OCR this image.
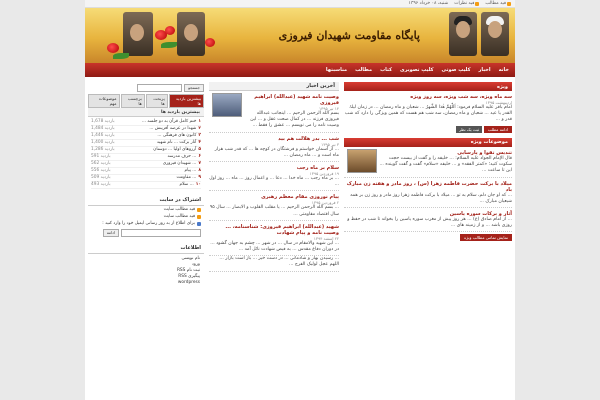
فید مطالب
فید نظرات
شنبه، ۰۸ خرداد ۱۳۹۶
پایگاه مقاومت شهیدان فیروزی
خانه
اخبار
کلیپ صوتی
کلیپ تصویری
کتاب
مطالب
مناسبتها
ویژه

سه ماه ویژه، سه شب ویژه، سه روز ویژه

اردیبهشت ۱۳۹۵

امام باقر علیه السلام فرمود: اَللّٰهُمَّ هٰذا الشَّهرُ ... شعبان و ماه رمضان ... در زمان لیلۃ القدر یا عید ... شعبان و ماه رمضان، سه شب هم هست که همین ویژگی را دارد که شب قدر و ...

ادامه مطلب ثبت یک نظر
موضوعات ویژه

تندیس تقوا و پارسایی

قال الإمام الجواد علیه السلام: ... خلیفه را و گفت از بیست حجت سکوت کنید؛ «کمتر الفقه» و ... خلیفه «سلام» گفت و گفت گوینده ... این تا ساعت ...

میلاد با برکت حضرت فاطمه زهرا (س) ، روز مادر و هفته زن مبارک باد

... که او جان دلم، سلام به تو ... میلاد با برکت فاطمه زهرا روز مادر و روز زن بر همه شیعیان مبارک ...

آثار و برکات سوره یاسین

... از امام صادق (ع) ... هر روز پیش از مغرب سوره یاسین را بخواند تا شب در حفظ و روزی باشد ... و از زمینه های ...

نمایش تمامی مطالب ویژه
آخرین اخبار

وصیت نامه شهید (عبدالله) ابراهیم فیروزی

۱۴ تیر ۱۳۹۵

بسم الله الرحمن الرحیم ... اینجانب عبدالله فیروزی فرزند ... در کمال صحت عقل و ... این وصیت نامه را می نویسم ... عشق را فقط ...

شب ... بدر هلالت هم بید

۳ تیر ۱۳۹۵

... از آسمان خواستم و فرشتگان در کوچه ها ... که قدر شب هزار ماه است و ... ماه رمضان ...

سلام بر ماه رجب

۱۹ فروردین ۱۳۹۵

... بر ماه رجب ... ماه خدا ... دعا ... و اعمال روز ... ماه ... روز اول ...

پیام نوروزی مقام معظم رهبری

۲ فروردین ۱۳۹۵

... بسم الله الرحمن الرحیم ... یا مقلب القلوب و الابصار ... سال ۹۵ سال اقتصاد مقاومتی ...

شهید (عبدالله) ابراهیم فیروزی: شناسنامه، ... وصیت نامه و پیام شهادت

۲۲ اسفند ۱۳۹۴

... این شهید والامقام در سال ... در شهر ... چشم به جهان گشود ... در دوران دفاع مقدس ... به فیض شهادت نائل آمد ...

... رسیدن بهار و شادمانی ... در دست خیر ... باز است بازار ... اللهم عجل لولیک الفرج ...

جستجو
بیشترین بازدید ها
پربحث ها
برچسب ها
موضوعات مهم
بیشترین بازدید ها
۱
ختم کامل قرآن به دو جلسه ...
بازدید 1,678
۲
شهدا در عرصه آفرینش ...
بازدید 1,484
۳
کانون های فرهنگی ...
بازدید 1,446
۴
آثار برکت ... نام شهید
بازدید 1,400
۵
آرزوهای اولیا ... دوستان
بازدید 1,286
۶
... حرف مدرسه
بازدید 591
۷
... شهیدان فیروزی
بازدید 562
۸
... پیام
بازدید 556
۹
... مقاومت
بازدید 509
۱۰
... سلام
بازدید 493
اشتراک در سایت
فید مطالب سایت
فید مطالب سایت
برای اطلاع از به روز رسانی ایمیل خود را وارد کنید :
ادامه
اطلاعات
نام نویسی
ورود
ثبت نام RSS
پیگیری RSS
wordpress
